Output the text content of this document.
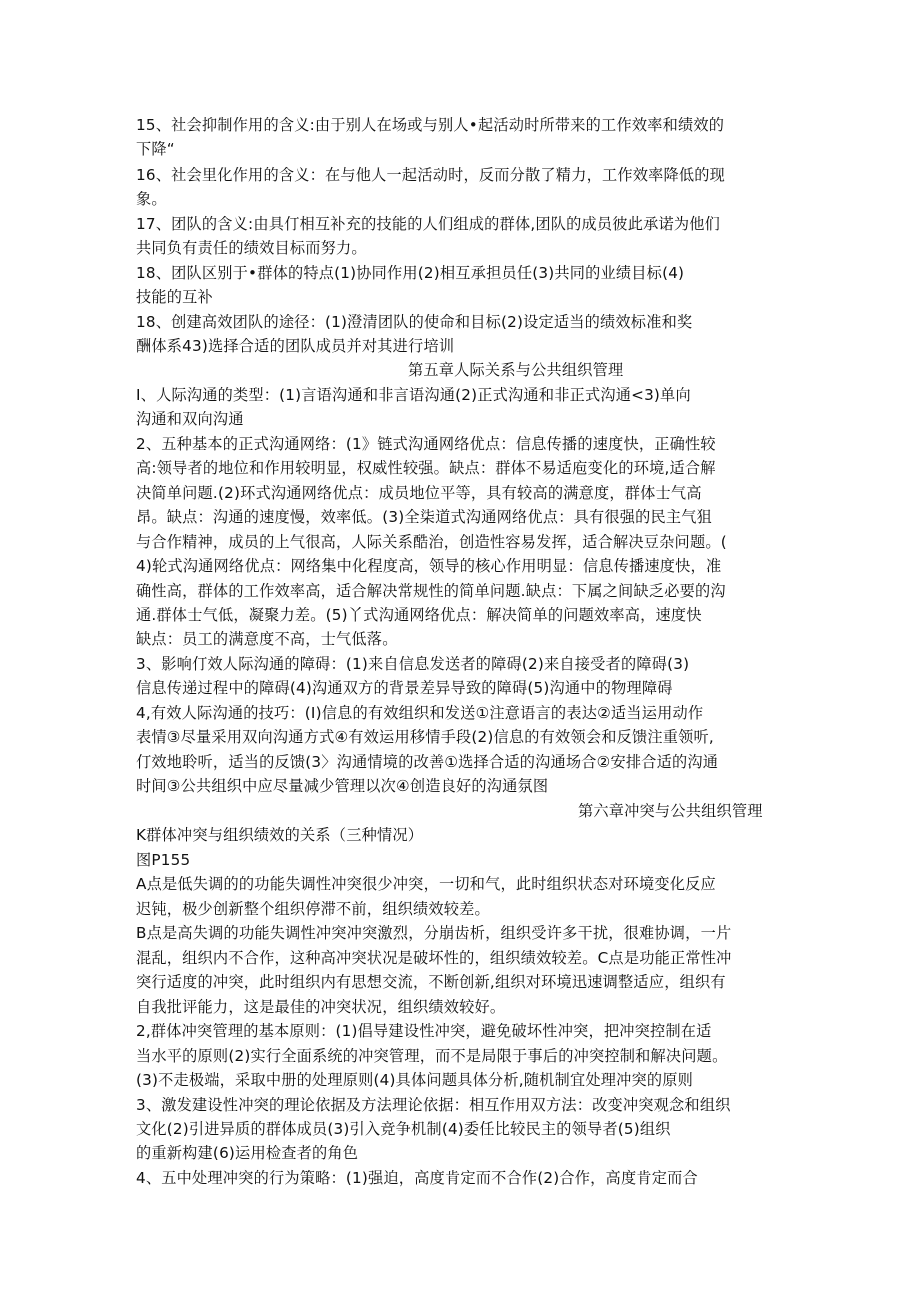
15、社会抑制作用的含义:由于别人在场或与别人•起活动时所带来的工作效率和绩效的
下降“
16、社会里化作用的含义：在与他人一起活动时，反而分散了精力，工作效率降低的现
象。
17、团队的含义:由具仃相互补充的技能的人们组成的群体,团队的成员彼此承诺为他们
共同负有责任的绩效目标而努力。
18、团队区别于•群体的特点(1)协同作用(2)相互承担员任(3)共同的业绩目标(4)
技能的互补
18、创建高效团队的途径：(1)澄清团队的使命和目标(2)设定适当的绩效标准和奖
酬体系43)选择合适的团队成员并对其进行培训
第五章人际关系与公共组织管理
I、人际沟通的类型：(1)言语沟通和非言语沟通(2)正式沟通和非正式沟通<3)单向
沟通和双向沟通
2、五种基本的正式沟通网络：(1》链式沟通网络优点：信息传播的速度快，正确性较
高:领导者的地位和作用较明显，权威性较强。缺点：群体不易适庖变化的环境,适合解
决简单问题.(2)环式沟通网络优点：成员地位平等，具有较高的满意度，群体士气高
昂。缺点：沟通的速度慢，效率低。(3)全柒道式沟通网络优点：具有很强的民主气狙
与合作精神，成员的上气很高，人际关系酷治，创造性容易发挥，适合解决豆杂问题。(
4)轮式沟通网络优点：网络集中化程度高，领导的核心作用明显：信息传播速度快，准
确性高，群体的工作效率高，适合解决常规性的简单问题.缺点：下属之间缺乏必要的沟
通.群体士气低，凝聚力差。(5)丫式沟通网络优点：解决简单的问题效率高，速度快
缺点：员工的满意度不高，士气低落。
3、影响仃效人际沟通的障碍：(1)来自信息发送者的障碍(2)来自接受者的障碍(3)
信息传递过程中的障碍(4)沟通双方的背景差异导致的障碍(5)沟通中的物理障碍
4,有效人际沟通的技巧：(I)信息的有效组织和发送①注意语言的表达②适当运用动作
表情③尽量采用双向沟通方式④有效运用移情手段(2)信息的有效领会和反馈注重领听,
仃效地聆听，适当的反馈(3〉沟通情境的改善①选择合适的沟通场合②安排合适的沟通
时间③公共组织中应尽量减少管理以次④创造良好的沟通氛图
第六章冲突与公共组织管理
K群体冲突与组织绩效的关系（三种情况）
图P155
A点是低失调的的功能失调性冲突很少冲突，一切和气，此时组织状态对环境变化反应
迟钝，极少创新整个组织停滞不前，组织绩效较差。
B点是高失调的功能失调性冲突冲突激烈，分崩齿析，组织受许多干扰，很难协调，一片
混乱，组织内不合作，这种高冲突状况是破坏性的，组织绩效较差。C点是功能正常性冲
突行适度的冲突，此时组织内有思想交流，不断创新,组织对环境迅速调整适应，组织有
自我批评能力，这是最佳的冲突状况，组织绩效较好。
2,群体冲突管理的基本原则：(1)倡导建设性冲突，避免破坏性冲突，把冲突控制在适
当水平的原则(2)实行全面系统的冲突管理，而不是局限于事后的冲突控制和解决问题。
(3)不走极端，采取中册的处理原则(4)具体问题具体分析,随机制宜处理冲突的原则
3、激发建设性冲突的理论依据及方法理论依据：相互作用双方法：改变冲突观念和组织
文化(2)引进异质的群体成员(3)引入竞争机制(4)委任比较民主的领导者(5)组织
的重新构建(6)运用检查者的角色
4、五中处理冲突的行为策略：(1)强迫，高度肯定而不合作(2)合作，高度肯定而合
